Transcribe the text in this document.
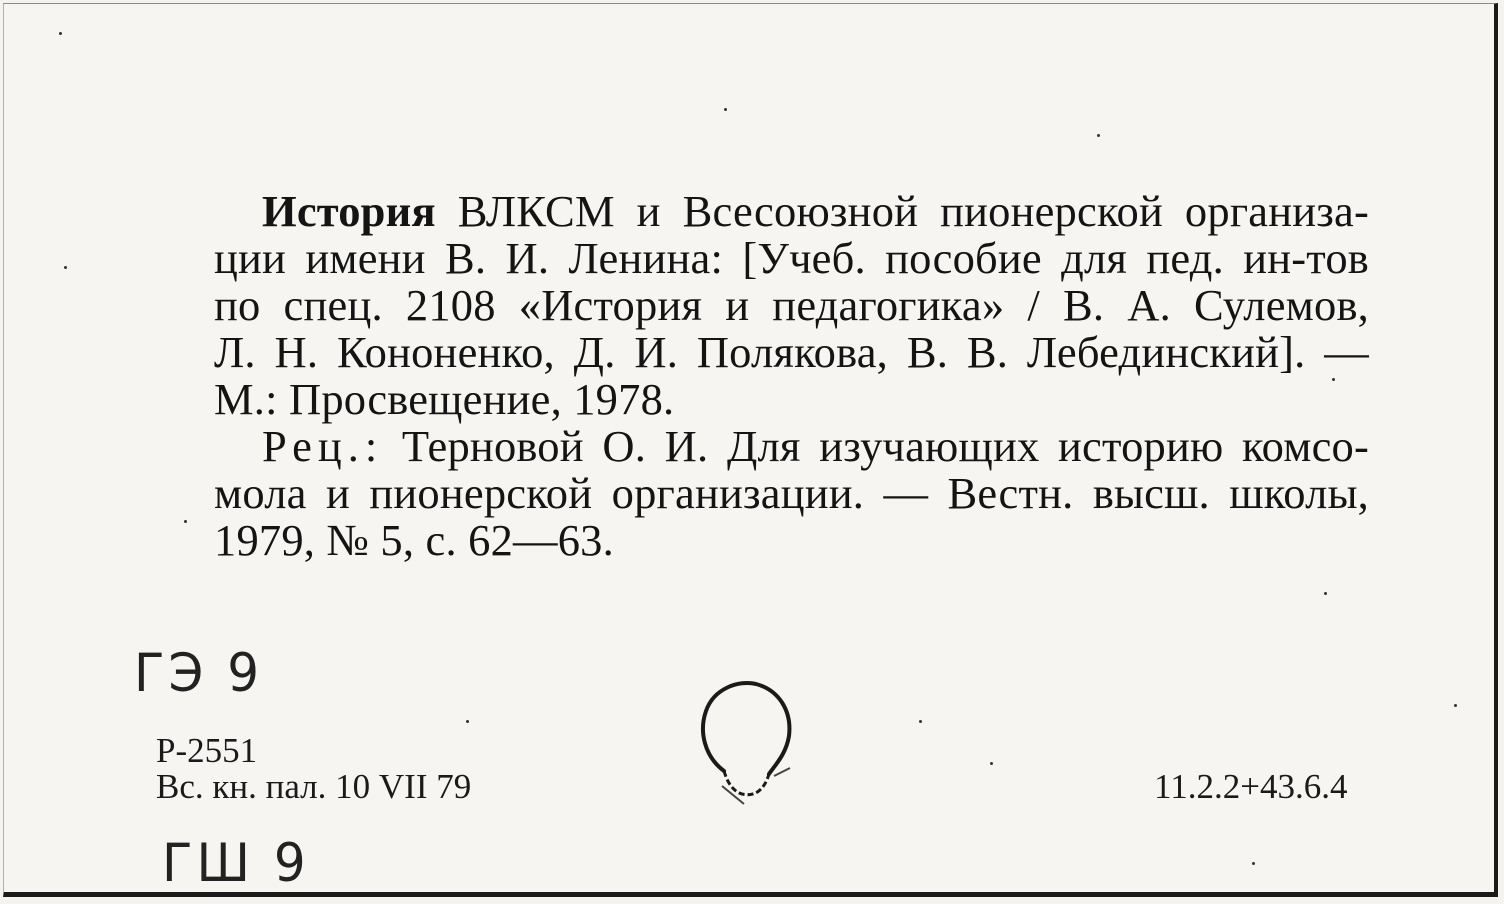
История ВЛКСМ и Всесоюзной пионерской организа-
ции имени В. И. Ленина: [Учеб. пособие для пед. ин-тов
по спец. 2108 «История и педагогика» / В. А. Сулемов,
Л. Н. Кононенко, Д. И. Полякова, В. В. Лебединский]. —
М.: Просвещение, 1978.
Рец.: Терновой О. И. Для изучающих историю комсо-
мола и пионерской организации. — Вестн. высш. школы,
1979, № 5, с. 62—63.
ГЭ 9
Р-2551
Вс. кн. пал. 10 VII 79	11.2.2+43.6.4
ГШ 9
